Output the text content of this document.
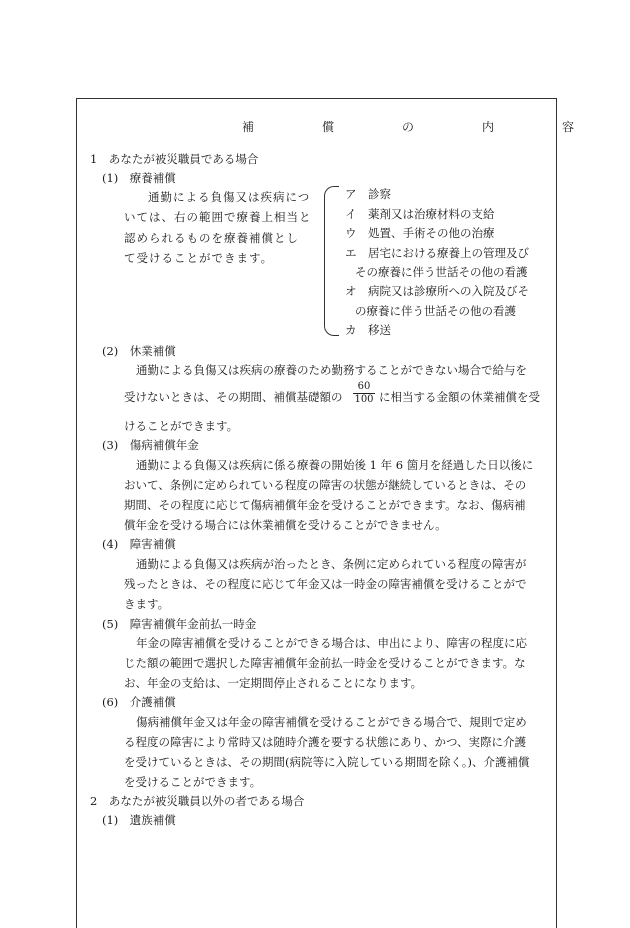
補　償　の　内　容
1　あなたが被災職員である場合
(1)　療養補償
通勤による負傷又は疾病につ
いては、右の範囲で療養上相当と
認められるものを療養補償とし
て受けることができます。
ア　診察
イ　薬剤又は治療材料の支給
ウ　処置、手術その他の治療
エ　居宅における療養上の管理及び
その療養に伴う世話その他の看護
オ　病院又は診療所への入院及びそ
の療養に伴う世話その他の看護
カ　移送
(2)　休業補償
通勤による負傷又は疾病の療養のため勤務することができない場合で給与を
受けないときは、その期間、補償基礎額の $\frac{60}{100}$ に相当する金額の休業補償を受
けることができます。
(3)　傷病補償年金
通勤による負傷又は疾病に係る療養の開始後 1 年 6 箇月を経過した日以後に
おいて、条例に定められている程度の障害の状態が継続しているときは、その
期間、その程度に応じて傷病補償年金を受けることができます。なお、傷病補
償年金を受ける場合には休業補償を受けることができません。
(4)　障害補償
通勤による負傷又は疾病が治ったとき、条例に定められている程度の障害が
残ったときは、その程度に応じて年金又は一時金の障害補償を受けることがで
きます。
(5)　障害補償年金前払一時金
年金の障害補償を受けることができる場合は、申出により、障害の程度に応
じた額の範囲で選択した障害補償年金前払一時金を受けることができます。な
お、年金の支給は、一定期間停止されることになります。
(6)　介護補償
傷病補償年金又は年金の障害補償を受けることができる場合で、規則で定め
る程度の障害により常時又は随時介護を要する状態にあり、かつ、実際に介護
を受けているときは、その期間(病院等に入院している期間を除く。)、介護補償
を受けることができます。
2　あなたが被災職員以外の者である場合
(1)　遺族補償
